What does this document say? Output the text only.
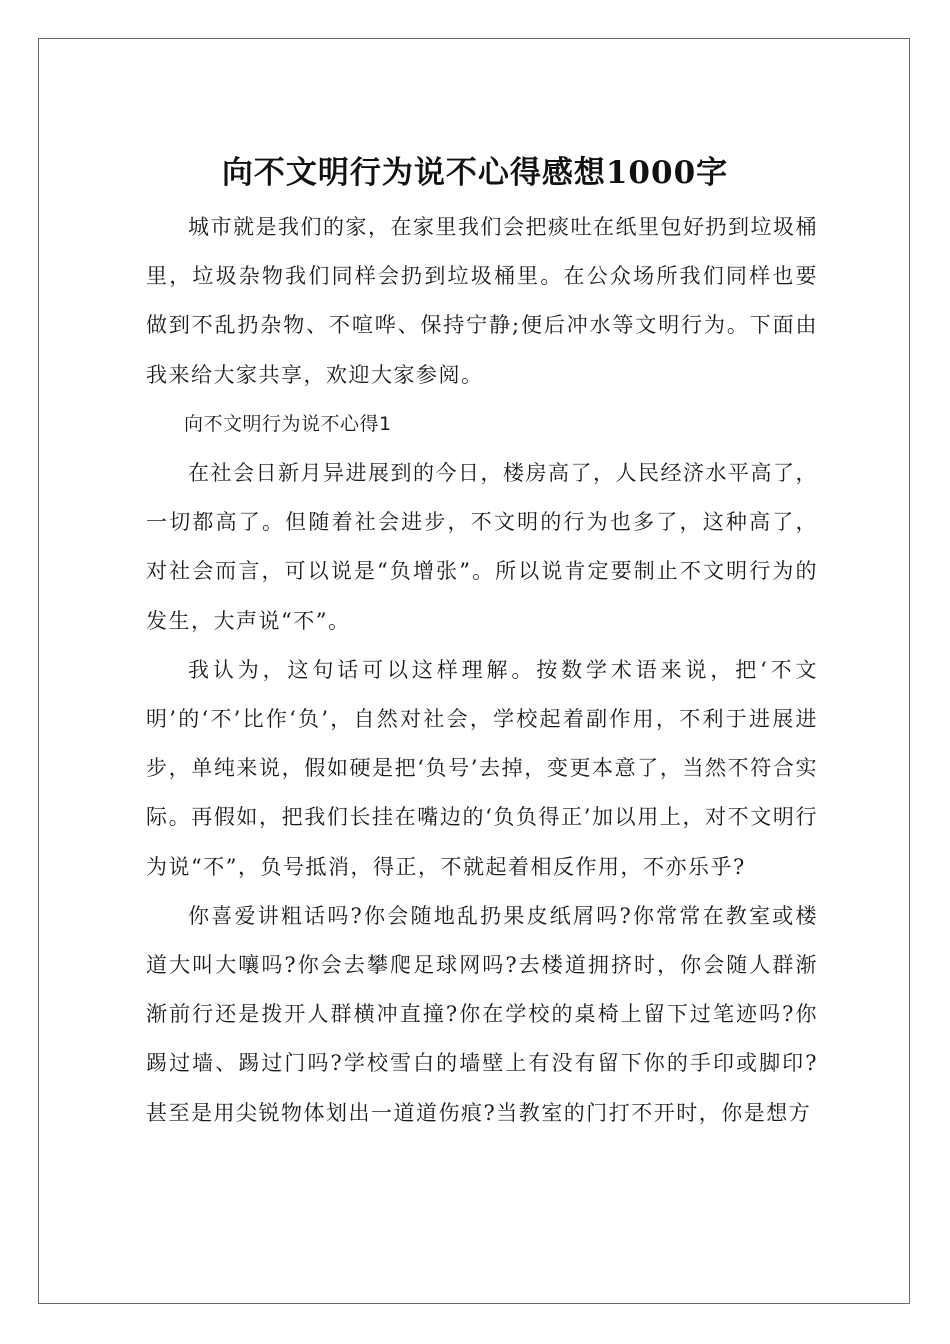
向不文明行为说不心得感想1000字

城市就是我们的家，在家里我们会把痰吐在纸里包好扔到垃圾桶里，垃圾杂物我们同样会扔到垃圾桶里。在公众场所我们同样也要做到不乱扔杂物、不喧哗、保持宁静;便后冲水等文明行为。下面由我来给大家共享，欢迎大家参阅。

向不文明行为说不心得1

在社会日新月异进展到的今日，楼房高了，人民经济水平高了，一切都高了。但随着社会进步，不文明的行为也多了，这种高了，对社会而言，可以说是“负增张”。所以说肯定要制止不文明行为的发生，大声说“不”。

我认为，这句话可以这样理解。按数学术语来说，把‘不文明’的‘不’比作‘负’，自然对社会，学校起着副作用，不利于进展进步，单纯来说，假如硬是把‘负号’去掉，变更本意了，当然不符合实际。再假如，把我们长挂在嘴边的‘负负得正’加以用上，对不文明行为说“不”，负号抵消，得正，不就起着相反作用，不亦乐乎?

你喜爱讲粗话吗?你会随地乱扔果皮纸屑吗?你常常在教室或楼道大叫大嚷吗?你会去攀爬足球网吗?去楼道拥挤时，你会随人群渐渐前行还是拨开人群横冲直撞?你在学校的桌椅上留下过笔迹吗?你踢过墙、踢过门吗?学校雪白的墙壁上有没有留下你的手印或脚印?甚至是用尖锐物体划出一道道伤痕?当教室的门打不开时，你是想方
